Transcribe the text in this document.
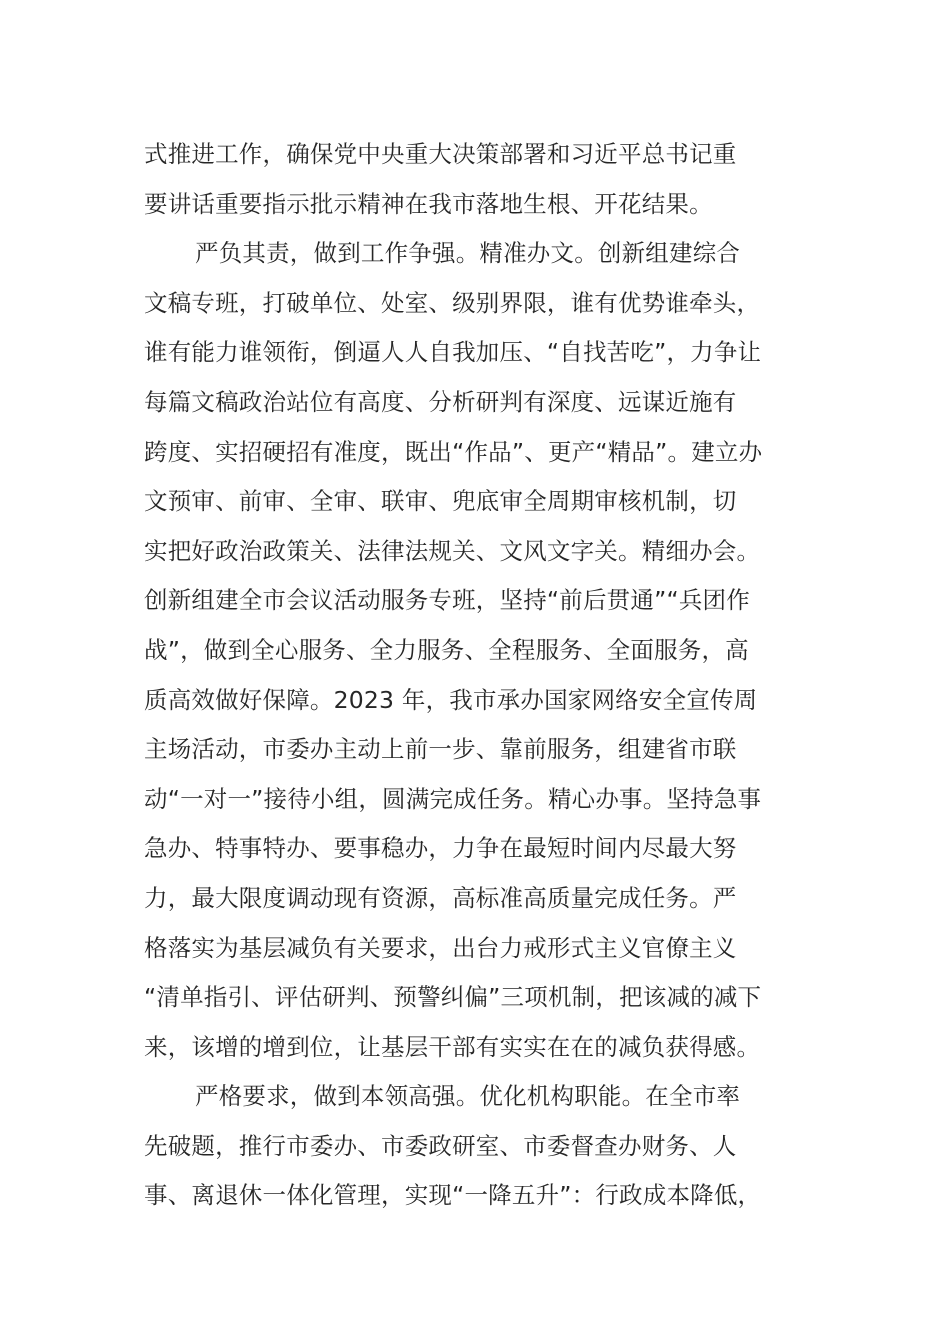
式推进工作，确保党中央重大决策部署和习近平总书记重
要讲话重要指示批示精神在我市落地生根、开花结果。
严负其责，做到工作争强。精准办文。创新组建综合
文稿专班，打破单位、处室、级别界限，谁有优势谁牵头，
谁有能力谁领衔，倒逼人人自我加压、“自找苦吃”，力争让
每篇文稿政治站位有高度、分析研判有深度、远谋近施有
跨度、实招硬招有准度，既出“作品”、更产“精品”。建立办
文预审、前审、全审、联审、兜底审全周期审核机制，切
实把好政治政策关、法律法规关、文风文字关。精细办会。
创新组建全市会议活动服务专班，坚持“前后贯通”“兵团作
战”，做到全心服务、全力服务、全程服务、全面服务，高
质高效做好保障。2023 年，我市承办国家网络安全宣传周
主场活动，市委办主动上前一步、靠前服务，组建省市联
动“一对一”接待小组，圆满完成任务。精心办事。坚持急事
急办、特事特办、要事稳办，力争在最短时间内尽最大努
力，最大限度调动现有资源，高标准高质量完成任务。严
格落实为基层减负有关要求，出台力戒形式主义官僚主义
“清单指引、评估研判、预警纠偏”三项机制，把该减的减下
来，该增的增到位，让基层干部有实实在在的减负获得感。
严格要求，做到本领高强。优化机构职能。在全市率
先破题，推行市委办、市委政研室、市委督查办财务、人
事、离退休一体化管理，实现“一降五升”：行政成本降低，
